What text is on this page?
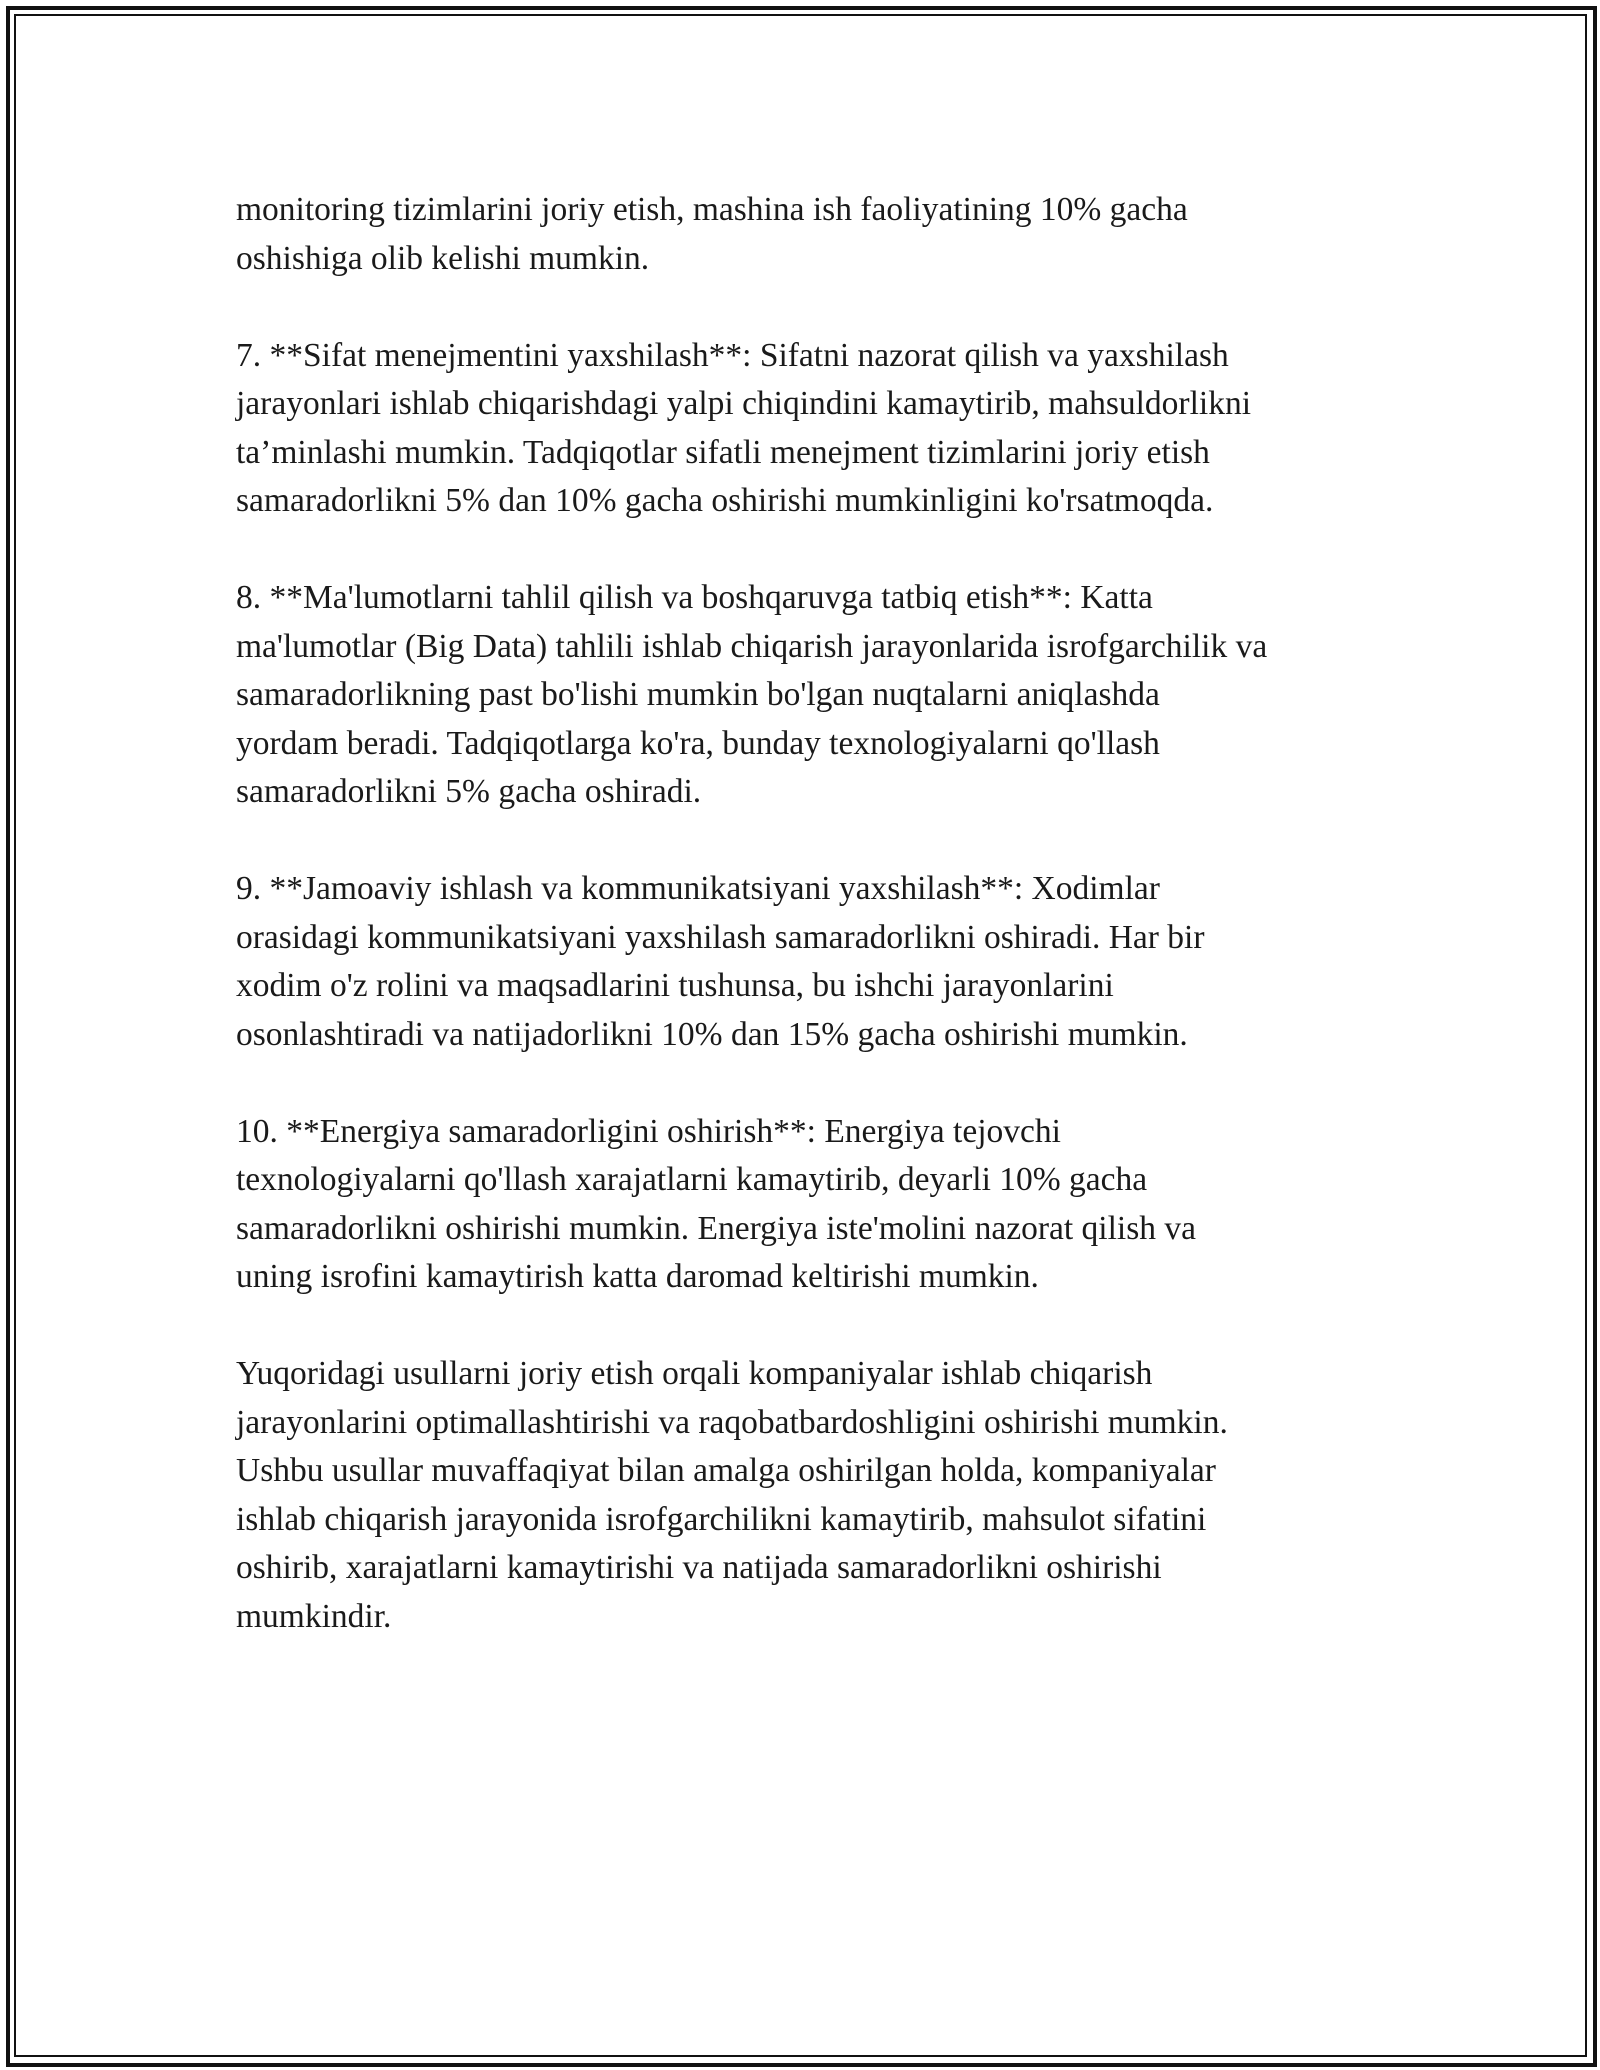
monitoring tizimlarini joriy etish, mashina ish faoliyatining 10% gacha
oshishiga olib kelishi mumkin.

7. **Sifat menejmentini yaxshilash**: Sifatni nazorat qilish va yaxshilash
jarayonlari ishlab chiqarishdagi yalpi chiqindini kamaytirib, mahsuldorlikni
ta’minlashi mumkin. Tadqiqotlar sifatli menejment tizimlarini joriy etish
samaradorlikni 5% dan 10% gacha oshirishi mumkinligini ko'rsatmoqda.

8. **Ma'lumotlarni tahlil qilish va boshqaruvga tatbiq etish**: Katta
ma'lumotlar (Big Data) tahlili ishlab chiqarish jarayonlarida isrofgarchilik va
samaradorlikning past bo'lishi mumkin bo'lgan nuqtalarni aniqlashda
yordam beradi. Tadqiqotlarga ko'ra, bunday texnologiyalarni qo'llash
samaradorlikni 5% gacha oshiradi.

9. **Jamoaviy ishlash va kommunikatsiyani yaxshilash**: Xodimlar
orasidagi kommunikatsiyani yaxshilash samaradorlikni oshiradi. Har bir
xodim o'z rolini va maqsadlarini tushunsa, bu ishchi jarayonlarini
osonlashtiradi va natijadorlikni 10% dan 15% gacha oshirishi mumkin.

10. **Energiya samaradorligini oshirish**: Energiya tejovchi
texnologiyalarni qo'llash xarajatlarni kamaytirib, deyarli 10% gacha
samaradorlikni oshirishi mumkin. Energiya iste'molini nazorat qilish va
uning isrofini kamaytirish katta daromad keltirishi mumkin.

Yuqoridagi usullarni joriy etish orqali kompaniyalar ishlab chiqarish
jarayonlarini optimallashtirishi va raqobatbardoshligini oshirishi mumkin.
Ushbu usullar muvaffaqiyat bilan amalga oshirilgan holda, kompaniyalar
ishlab chiqarish jarayonida isrofgarchilikni kamaytirib, mahsulot sifatini
oshirib, xarajatlarni kamaytirishi va natijada samaradorlikni oshirishi
mumkindir.
